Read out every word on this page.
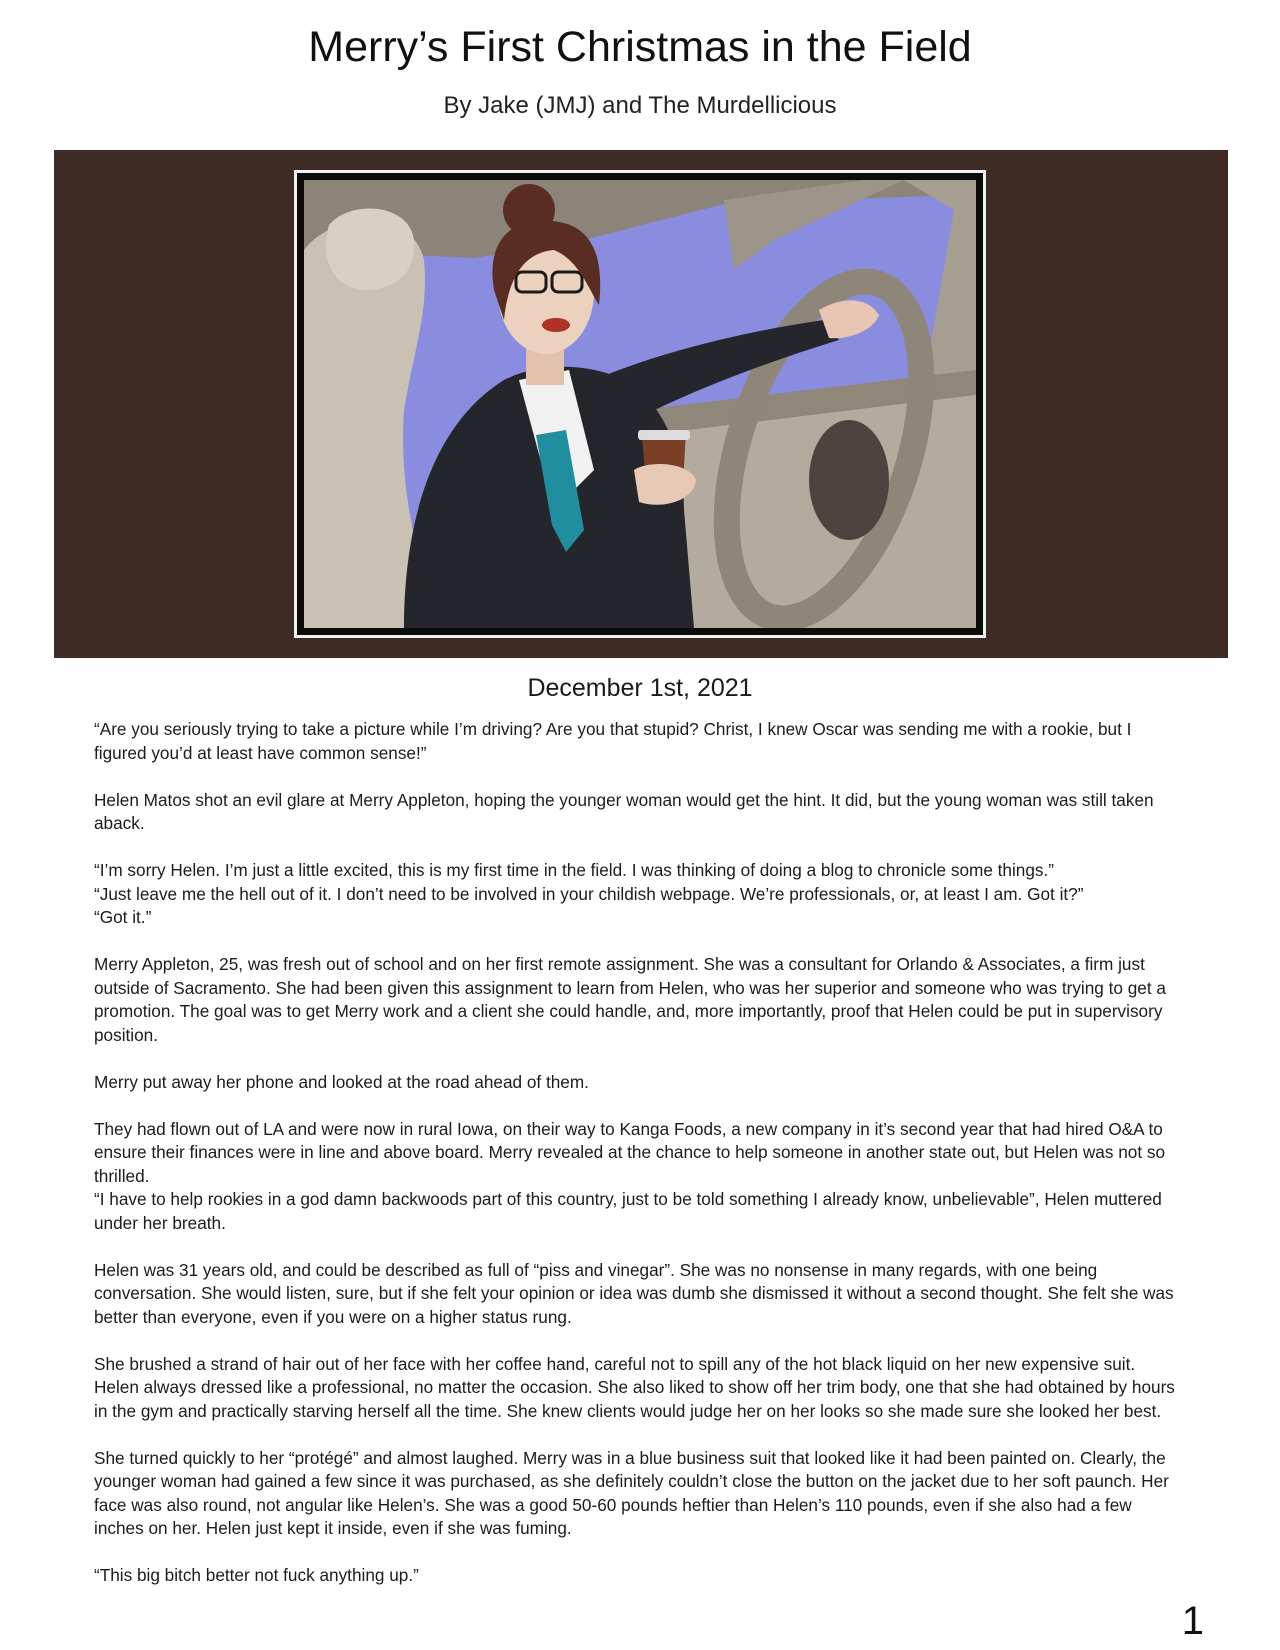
Merry’s First Christmas in the Field
By Jake (JMJ) and The Murdellicious
December 1st, 2021

“Are you seriously trying to take a picture while I’m driving? Are you that stupid? Christ, I knew Oscar was sending me with a rookie, but I figured you’d at least have common sense!”

Helen Matos shot an evil glare at Merry Appleton, hoping the younger woman would get the hint. It did, but the young woman was still taken aback.

“I’m sorry Helen. I’m just a little excited, this is my first time in the field. I was thinking of doing a blog to chronicle some things.”

“Just leave me the hell out of it. I don’t need to be involved in your childish webpage. We’re professionals, or, at least I am. Got it?”

“Got it.”

Merry Appleton, 25, was fresh out of school and on her first remote assignment. She was a consultant for Orlando & Associates, a firm just outside of Sacramento. She had been given this assignment to learn from Helen, who was her superior and someone who was trying to get a promotion. The goal was to get Merry work and a client she could handle, and, more importantly, proof that Helen could be put in supervisory position.

Merry put away her phone and looked at the road ahead of them.

They had flown out of LA and were now in rural Iowa, on their way to Kanga Foods, a new company in it’s second year that had hired O&A to ensure their finances were in line and above board. Merry revealed at the chance to help someone in another state out, but Helen was not so thrilled.

“I have to help rookies in a god damn backwoods part of this country, just to be told something I already know, unbelievable”, Helen muttered under her breath.

Helen was 31 years old, and could be described as full of “piss and vinegar”. She was no nonsense in many regards, with one being conversation. She would listen, sure, but if she felt your opinion or idea was dumb she dismissed it without a second thought. She felt she was better than everyone, even if you were on a higher status rung.

She brushed a strand of hair out of her face with her coffee hand, careful not to spill any of the hot black liquid on her new expensive suit. Helen always dressed like a professional, no matter the occasion. She also liked to show off her trim body, one that she had obtained by hours in the gym and practically starving herself all the time. She knew clients would judge her on her looks so she made sure she looked her best.

She turned quickly to her “protégé” and almost laughed. Merry was in a blue business suit that looked like it had been painted on. Clearly, the younger woman had gained a few since it was purchased, as she definitely couldn’t close the button on the jacket due to her soft paunch. Her face was also round, not angular like Helen’s. She was a good 50-60 pounds heftier than Helen’s 110 pounds, even if she also had a few inches on her. Helen just kept it inside, even if she was fuming.

“This big bitch better not fuck anything up.”

1
